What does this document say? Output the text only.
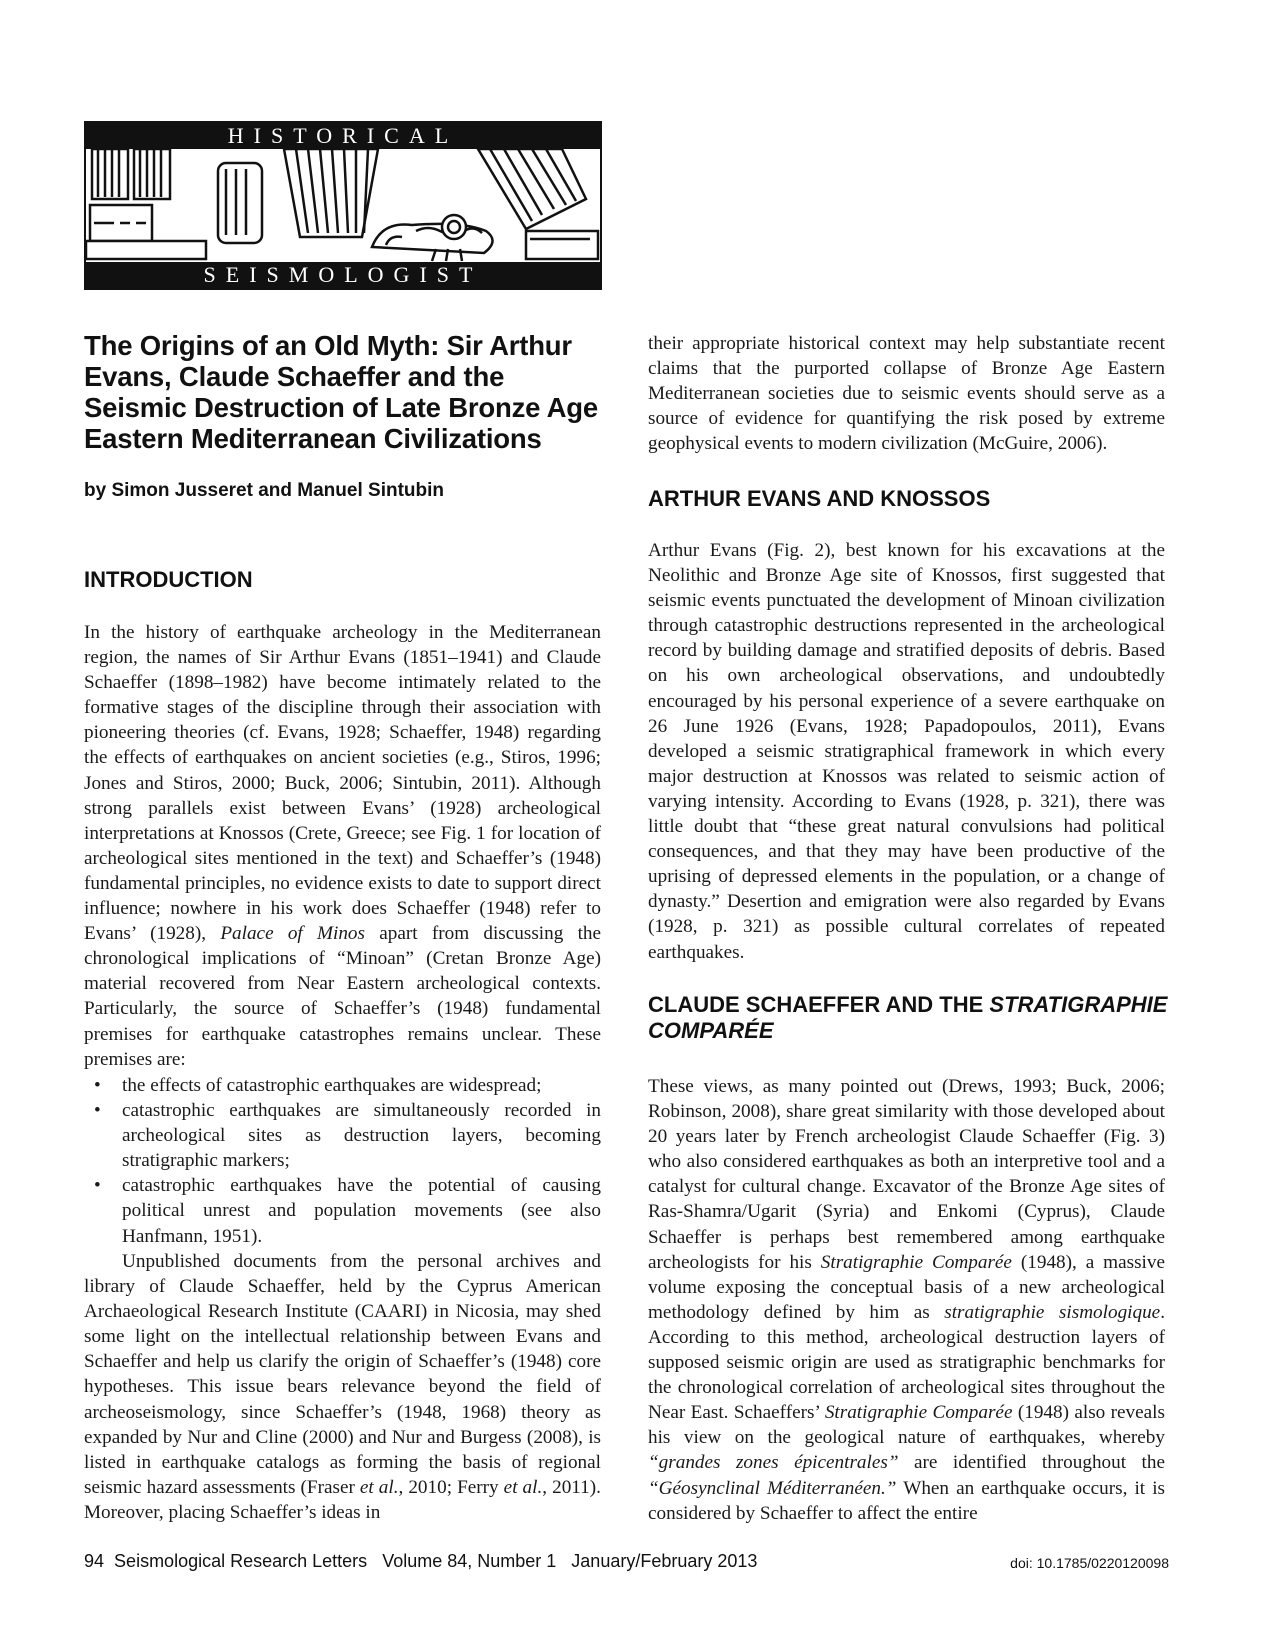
HISTORICAL
SEISMOLOGIST
The Origins of an Old Myth: Sir Arthur Evans, Claude Schaeffer and the Seismic Destruction of Late Bronze Age Eastern Mediterranean Civilizations

by Simon Jusseret and Manuel Sintubin

INTRODUCTION

In the history of earthquake archeology in the Mediterranean region, the names of Sir Arthur Evans (1851–1941) and Claude Schaeffer (1898–1982) have become intimately related to the formative stages of the discipline through their association with pioneering theories (cf. Evans, 1928; Schaeffer, 1948) regarding the effects of earthquakes on ancient societies (e.g., Stiros, 1996; Jones and Stiros, 2000; Buck, 2006; Sintubin, 2011). Although strong parallels exist between Evans’ (1928) archeological interpretations at Knossos (Crete, Greece; see Fig. 1 for location of archeological sites mentioned in the text) and Schaeffer’s (1948) fundamental principles, no evidence exists to date to support direct influence; nowhere in his work does Schaeffer (1948) refer to Evans’ (1928), Palace of Minos apart from discussing the chronological implications of “Minoan” (Cretan Bronze Age) material recovered from Near Eastern archeological contexts. Particularly, the source of Schaeffer’s (1948) fundamental premises for earthquake catastrophes remains unclear. These premises are:

• the effects of catastrophic earthquakes are widespread;
• catastrophic earthquakes are simultaneously recorded in archeological sites as destruction layers, becoming stratigraphic markers;
• catastrophic earthquakes have the potential of causing political unrest and population movements (see also Hanfmann, 1951).

Unpublished documents from the personal archives and library of Claude Schaeffer, held by the Cyprus American Archaeological Research Institute (CAARI) in Nicosia, may shed some light on the intellectual relationship between Evans and Schaeffer and help us clarify the origin of Schaeffer’s (1948) core hypotheses. This issue bears relevance beyond the field of archeoseismology, since Schaeffer’s (1948, 1968) theory as expanded by Nur and Cline (2000) and Nur and Burgess (2008), is listed in earthquake catalogs as forming the basis of regional seismic hazard assessments (Fraser et al., 2010; Ferry et al., 2011). Moreover, placing Schaeffer’s ideas in

their appropriate historical context may help substantiate recent claims that the purported collapse of Bronze Age Eastern Mediterranean societies due to seismic events should serve as a source of evidence for quantifying the risk posed by extreme geophysical events to modern civilization (McGuire, 2006).

ARTHUR EVANS AND KNOSSOS

Arthur Evans (Fig. 2), best known for his excavations at the Neolithic and Bronze Age site of Knossos, first suggested that seismic events punctuated the development of Minoan civilization through catastrophic destructions represented in the archeological record by building damage and stratified deposits of debris. Based on his own archeological observations, and undoubtedly encouraged by his personal experience of a severe earthquake on 26 June 1926 (Evans, 1928; Papadopoulos, 2011), Evans developed a seismic stratigraphical framework in which every major destruction at Knossos was related to seismic action of varying intensity. According to Evans (1928, p. 321), there was little doubt that “these great natural convulsions had political consequences, and that they may have been productive of the uprising of depressed elements in the population, or a change of dynasty.” Desertion and emigration were also regarded by Evans (1928, p. 321) as possible cultural correlates of repeated earthquakes.

CLAUDE SCHAEFFER AND THE STRATIGRAPHIE COMPARÉE

These views, as many pointed out (Drews, 1993; Buck, 2006; Robinson, 2008), share great similarity with those developed about 20 years later by French archeologist Claude Schaeffer (Fig. 3) who also considered earthquakes as both an interpretive tool and a catalyst for cultural change. Excavator of the Bronze Age sites of Ras-Shamra/Ugarit (Syria) and Enkomi (Cyprus), Claude Schaeffer is perhaps best remembered among earthquake archeologists for his Stratigraphie Comparée (1948), a massive volume exposing the conceptual basis of a new archeological methodology defined by him as stratigraphie sismologique. According to this method, archeological destruction layers of supposed seismic origin are used as stratigraphic benchmarks for the chronological correlation of archeological sites throughout the Near East. Schaeffers’ Stratigraphie Comparée (1948) also reveals his view on the geological nature of earthquakes, whereby “grandes zones épicentrales” are identified throughout the “Géosynclinal Méditerranéen.” When an earthquake occurs, it is considered by Schaeffer to affect the entire

94 Seismological Research Letters Volume 84, Number 1 January/February 2013	doi: 10.1785/0220120098
